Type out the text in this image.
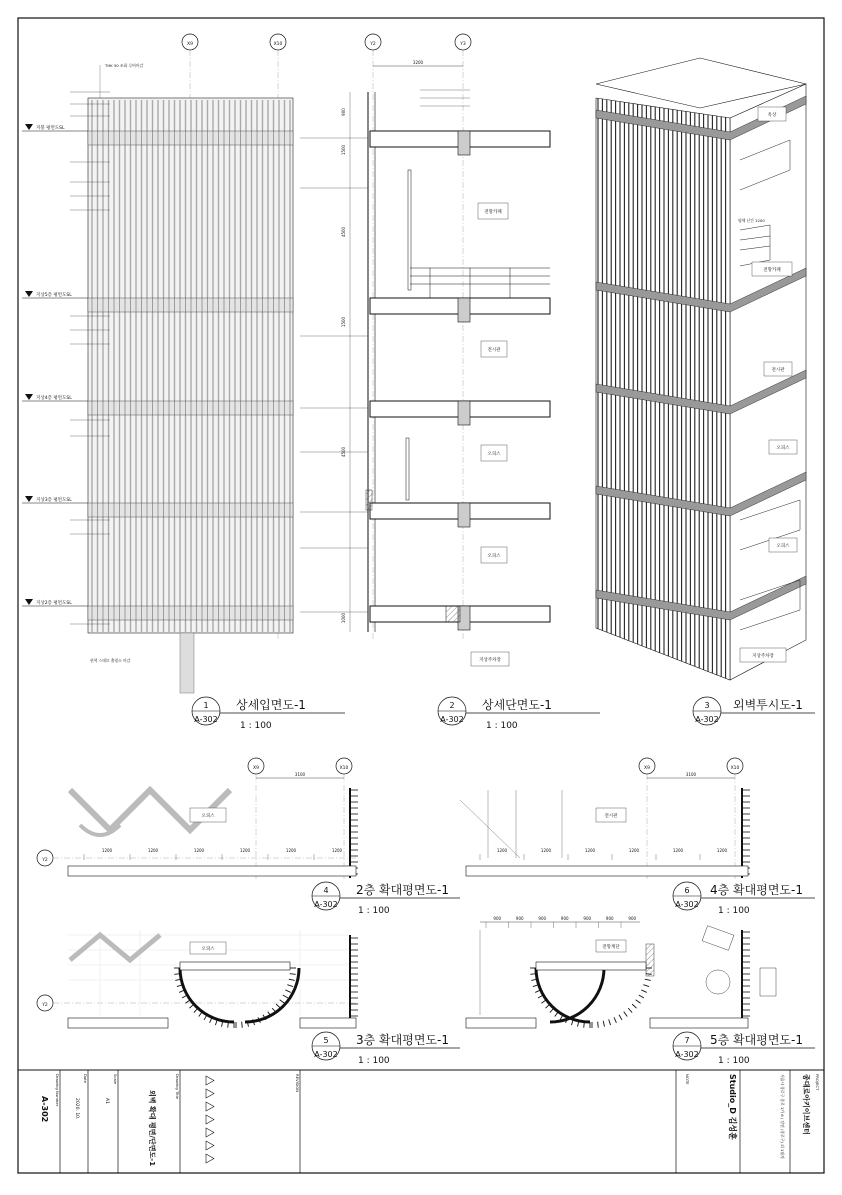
X9	X10	Y2	Y3
지붕 평면도SL
지상5층 평면도SL
지상4층 평면도SL
지상3층 평면도SL
지상2층 평면도SL
THK 50 조화 루버마감
현색 스테브 출렁소 마감
3200
900
1500
4500
1500
4500
1000
전망카페
전시관
오피스
오피스
지상주차장
옥상
전망카페
전시관
오피스
오피스
지상주차장
평체 난간 1200
1
A-302
상세입면도-1
1 : 100
2
A-302
상세단면도-1
1 : 100
3
A-302
외벽투시도-1
X9	X10
3100
Y2
오피스
1200	1200	1200	1200	1200	1200
4
A-302
2층 확대평면도-1
1 : 100
X9	X10
3100
전시관
1200	1200	1200	1200	1200	1200
6
A-302
4층 확대평면도-1
1 : 100
Y2
오피스
5
A-302
3층 확대평면도-1
1 : 100
900	900	900	900	900	900	900
전망계단
7
A-302
5층 확대평면도-1
1 : 100
PROJECT
종대로아키이브센터
서울시 종로구 종로 1가 6 / 강연 (종로구) 외 1필지
Studio_D 김성훈
NOTE
REVISION
Drawing Title
외벽 확대 평면/단면도-1
Scale
A1
Date
2020. 10.
Drawing Number
A-302
